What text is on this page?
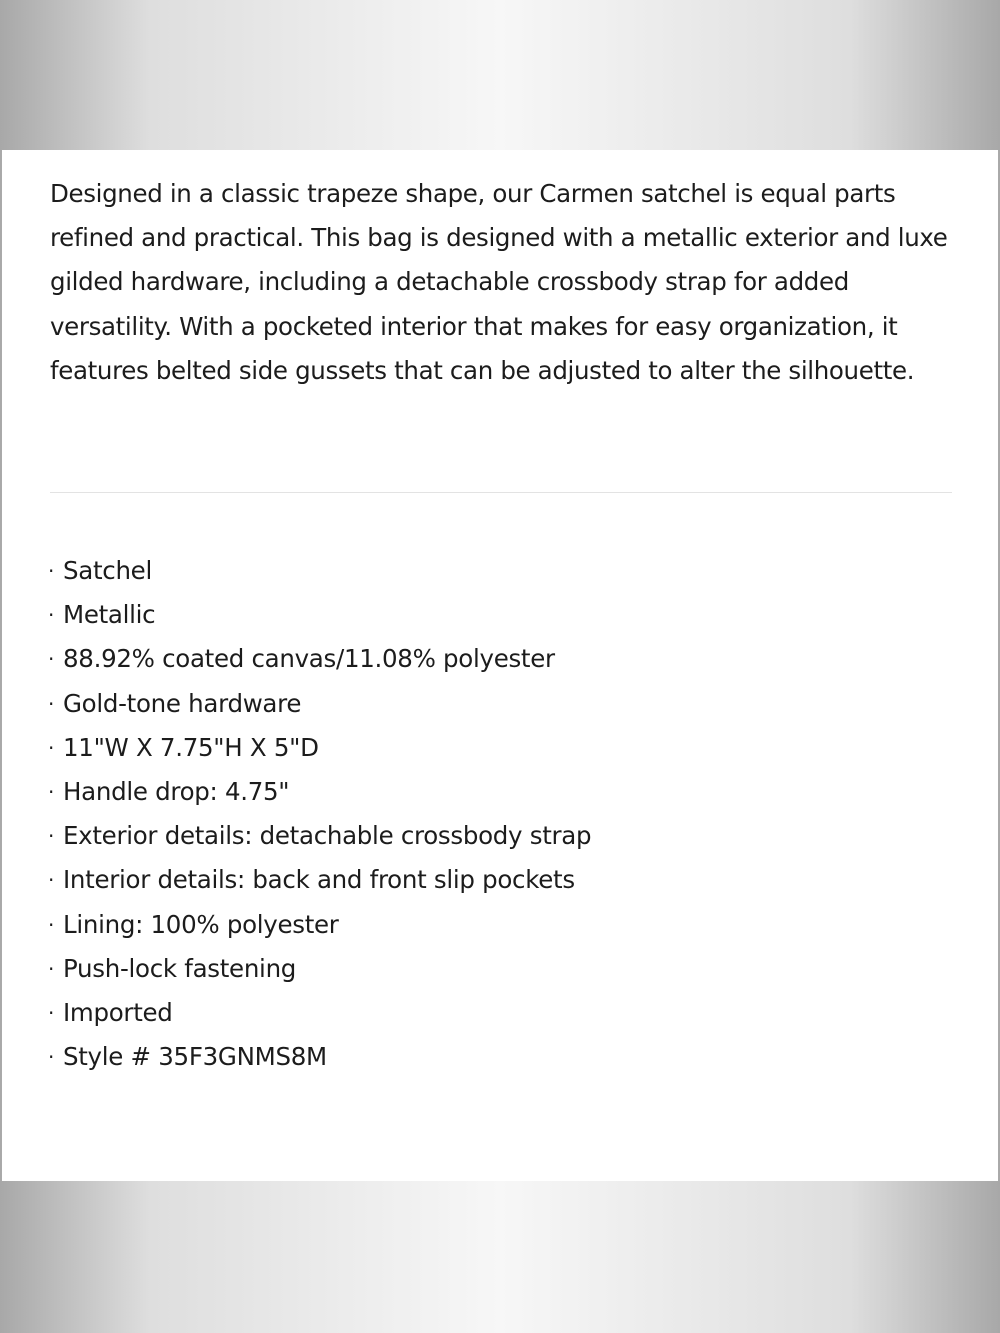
Designed in a classic trapeze shape, our Carmen satchel is equal parts refined and practical. This bag is designed with a metallic exterior and luxe gilded hardware, including a detachable crossbody strap for added versatility. With a pocketed interior that makes for easy organization, it features belted side gussets that can be adjusted to alter the silhouette.

· Satchel
· Metallic
· 88.92% coated canvas/11.08% polyester
· Gold-tone hardware
· 11"W X 7.75"H X 5"D
· Handle drop: 4.75"
· Exterior details: detachable crossbody strap
· Interior details: back and front slip pockets
· Lining: 100% polyester
· Push-lock fastening
· Imported
· Style # 35F3GNMS8M
